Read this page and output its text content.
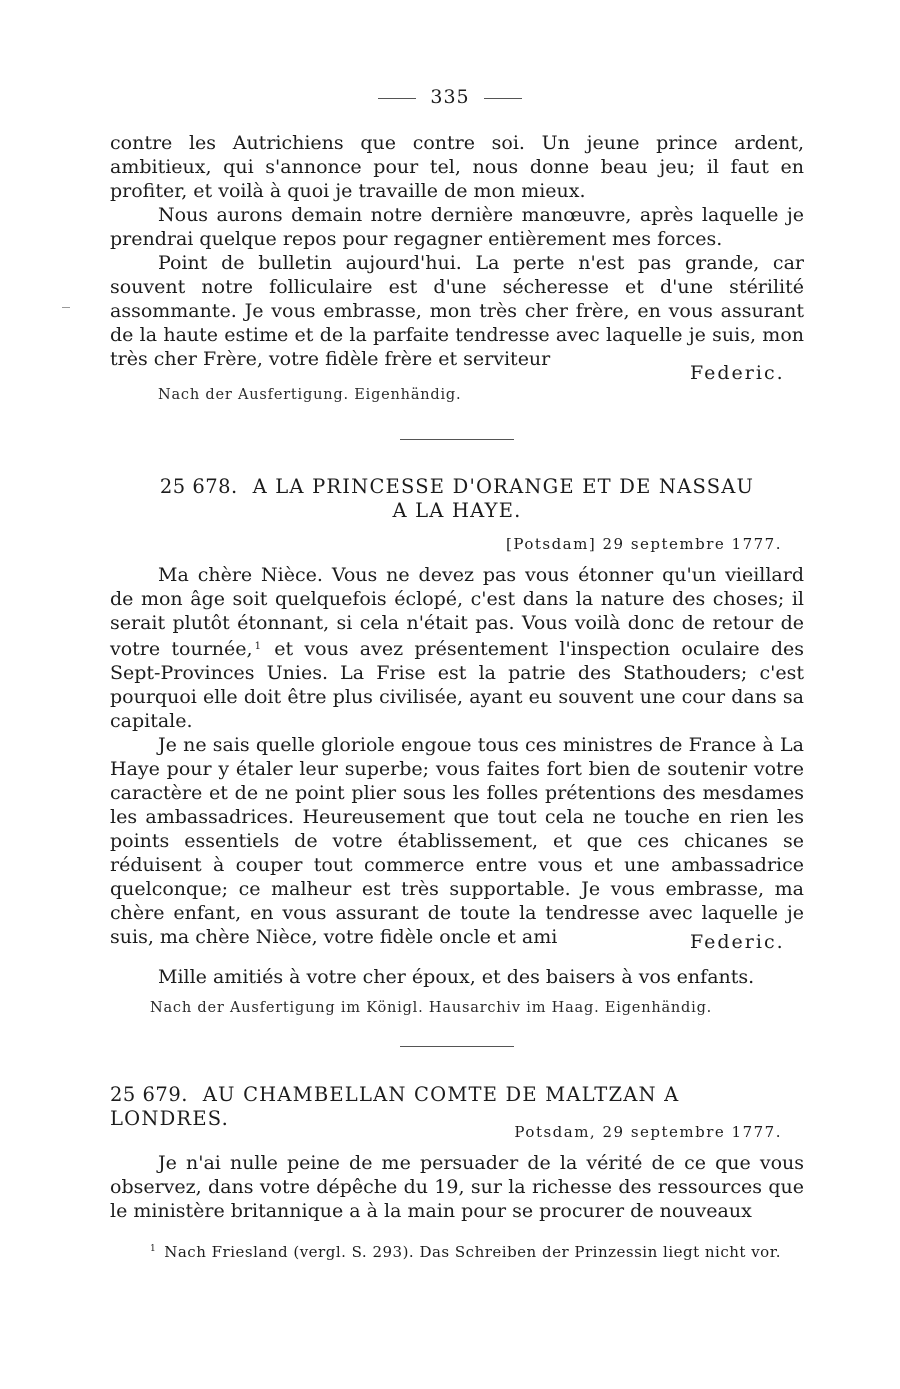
335

contre les Autrichiens que contre soi. Un jeune prince ardent, ambitieux, qui s'annonce pour tel, nous donne beau jeu; il faut en profiter, et voilà à quoi je travaille de mon mieux.

Nous aurons demain notre dernière manœuvre, après laquelle je prendrai quelque repos pour regagner entièrement mes forces.

Point de bulletin aujourd'hui. La perte n'est pas grande, car souvent notre folliculaire est d'une sécheresse et d'une stérilité assommante. Je vous embrasse, mon très cher frère, en vous assurant de la haute estime et de la parfaite tendresse avec laquelle je suis, mon très cher Frère, votre fidèle frère et serviteur

Federic.
Nach der Ausfertigung. Eigenhändig.
25 678. A LA PRINCESSE D'ORANGE ET DE NASSAU
A LA HAYE.
[Potsdam] 29 septembre 1777.

Ma chère Nièce. Vous ne devez pas vous étonner qu'un vieillard de mon âge soit quelquefois éclopé, c'est dans la nature des choses; il serait plutôt étonnant, si cela n'était pas. Vous voilà donc de retour de votre tournée, $^1$ et vous avez présentement l'inspection oculaire des Sept-Provinces Unies. La Frise est la patrie des Stathouders; c'est pourquoi elle doit être plus civilisée, ayant eu souvent une cour dans sa capitale.

Je ne sais quelle gloriole engoue tous ces ministres de France à La Haye pour y étaler leur superbe; vous faites fort bien de soutenir votre caractère et de ne point plier sous les folles prétentions des mesdames les ambassadrices. Heureusement que tout cela ne touche en rien les points essentiels de votre établissement, et que ces chicanes se réduisent à couper tout commerce entre vous et une ambassadrice quelconque; ce malheur est très supportable. Je vous embrasse, ma chère enfant, en vous assurant de toute la tendresse avec laquelle je suis, ma chère Nièce, votre fidèle oncle et ami	Federic.

Mille amitiés à votre cher époux, et des baisers à vos enfants.

Nach der Ausfertigung im Königl. Hausarchiv im Haag. Eigenhändig.
25 679. AU CHAMBELLAN COMTE DE MALTZAN A LONDRES.
Potsdam, 29 septembre 1777.

Je n'ai nulle peine de me persuader de la vérité de ce que vous observez, dans votre dépêche du 19, sur la richesse des ressources que le ministère britannique a à la main pour se procurer de nouveaux

$^1$ Nach Friesland (vergl. S. 293). Das Schreiben der Prinzessin liegt nicht vor.
